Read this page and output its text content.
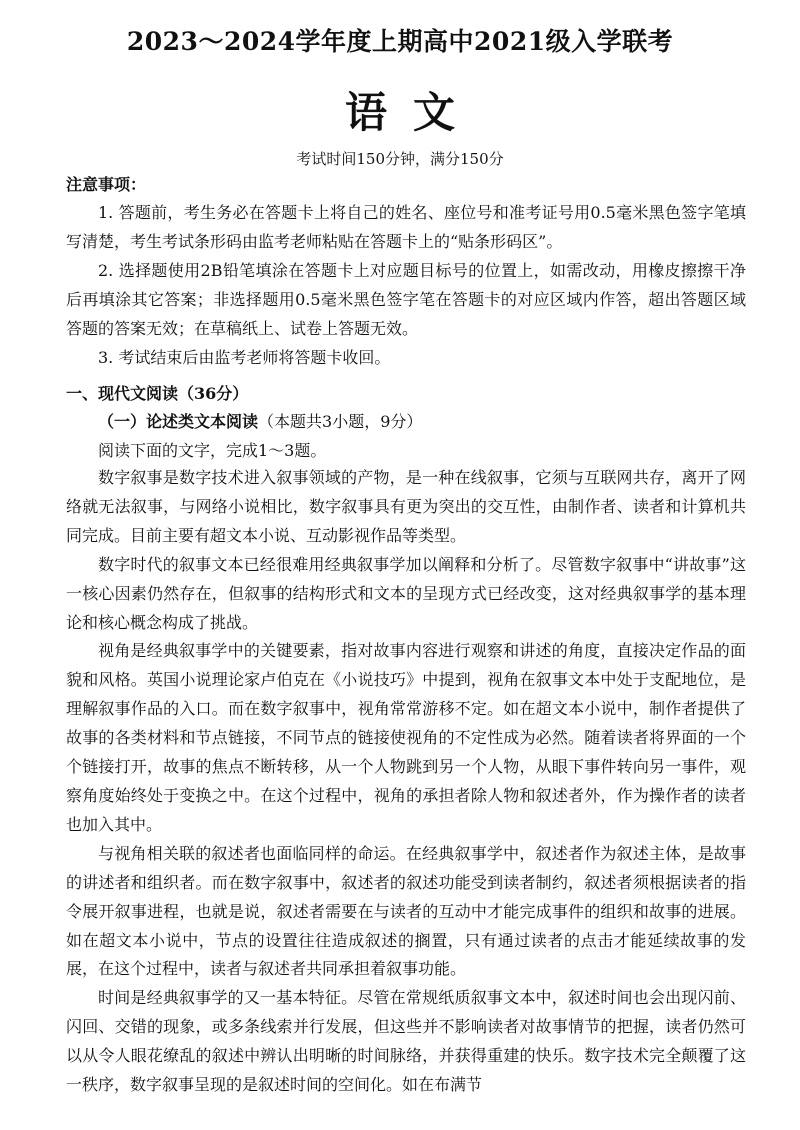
2023～2024学年度上期高中2021级入学联考
语文
考试时间150分钟，满分150分
注意事项：

1. 答题前，考生务必在答题卡上将自己的姓名、座位号和准考证号用0.5毫米黑色签字笔填写清楚，考生考试条形码由监考老师粘贴在答题卡上的“贴条形码区”。

2. 选择题使用2B铅笔填涂在答题卡上对应题目标号的位置上，如需改动，用橡皮擦擦干净后再填涂其它答案；非选择题用0.5毫米黑色签字笔在答题卡的对应区域内作答，超出答题区域答题的答案无效；在草稿纸上、试卷上答题无效。

3. 考试结束后由监考老师将答题卡收回。

一、现代文阅读（36分）
（一）论述类文本阅读（本题共3小题，9分）
阅读下面的文字，完成1～3题。

数字叙事是数字技术进入叙事领域的产物，是一种在线叙事，它须与互联网共存，离开了网络就无法叙事，与网络小说相比，数字叙事具有更为突出的交互性，由制作者、读者和计算机共同完成。目前主要有超文本小说、互动影视作品等类型。

数字时代的叙事文本已经很难用经典叙事学加以阐释和分析了。尽管数字叙事中“讲故事”这一核心因素仍然存在，但叙事的结构形式和文本的呈现方式已经改变，这对经典叙事学的基本理论和核心概念构成了挑战。

视角是经典叙事学中的关键要素，指对故事内容进行观察和讲述的角度，直接决定作品的面貌和风格。英国小说理论家卢伯克在《小说技巧》中提到，视角在叙事文本中处于支配地位，是理解叙事作品的入口。而在数字叙事中，视角常常游移不定。如在超文本小说中，制作者提供了故事的各类材料和节点链接，不同节点的链接使视角的不定性成为必然。随着读者将界面的一个个链接打开，故事的焦点不断转移，从一个人物跳到另一个人物，从眼下事件转向另一事件，观察角度始终处于变换之中。在这个过程中，视角的承担者除人物和叙述者外，作为操作者的读者也加入其中。

与视角相关联的叙述者也面临同样的命运。在经典叙事学中，叙述者作为叙述主体，是故事的讲述者和组织者。而在数字叙事中，叙述者的叙述功能受到读者制约，叙述者须根据读者的指令展开叙事进程，也就是说，叙述者需要在与读者的互动中才能完成事件的组织和故事的进展。如在超文本小说中，节点的设置往往造成叙述的搁置，只有通过读者的点击才能延续故事的发展，在这个过程中，读者与叙述者共同承担着叙事功能。

时间是经典叙事学的又一基本特征。尽管在常规纸质叙事文本中，叙述时间也会出现闪前、闪回、交错的现象，或多条线索并行发展，但这些并不影响读者对故事情节的把握，读者仍然可以从令人眼花缭乱的叙述中辨认出明晰的时间脉络，并获得重建的快乐。数字技术完全颠覆了这一秩序，数字叙事呈现的是叙述时间的空间化。如在布满节
